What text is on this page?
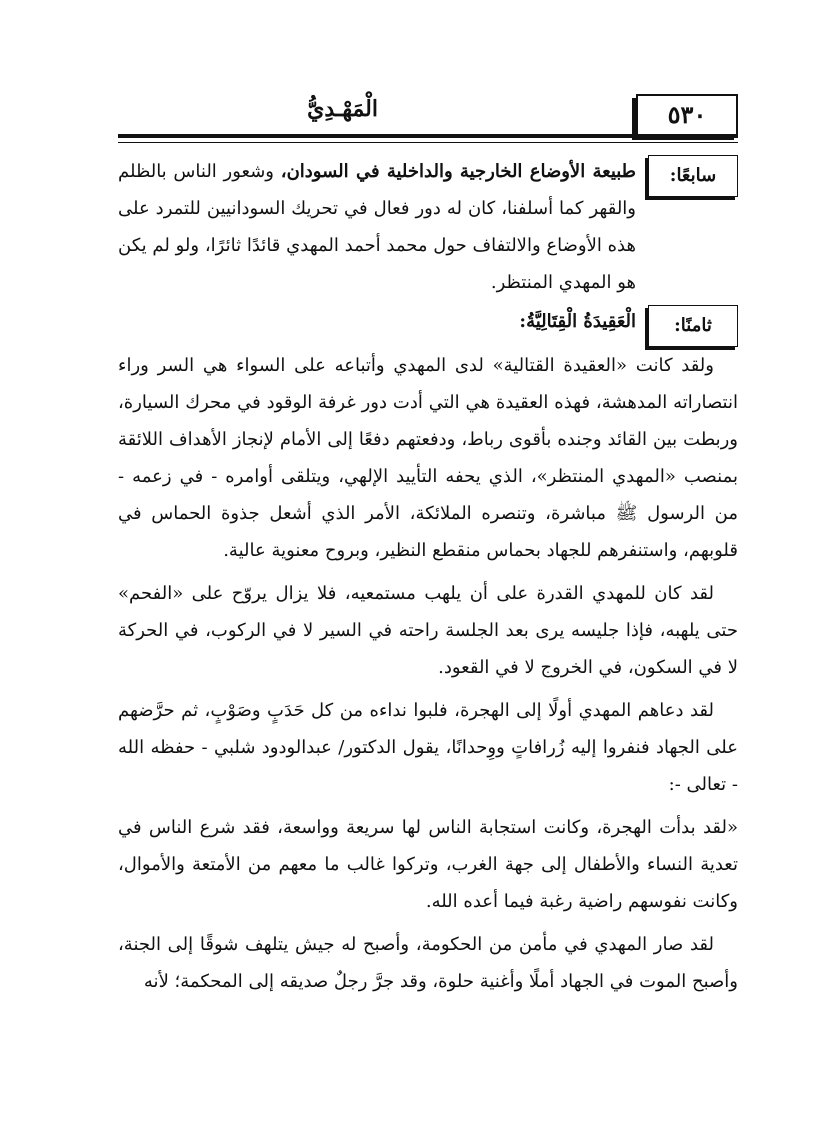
٥٣٠
الْمَهْـدِيُّ
سابعًا:

طبيعة الأوضاع الخارجية والداخلية في السودان، وشعور الناس بالظلم والقهر كما أسلفنا، كان له دور فعال في تحريك السودانيين للتمرد على هذه الأوضاع والالتفاف حول محمد أحمد المهدي قائدًا ثائرًا، ولو لم يكن هو المهدي المنتظر.

ثامنًا:

الْعَقِيدَةُ الْقِتَالِيَّةُ:

ولقد كانت «العقيدة القتالية» لدى المهدي وأتباعه على السواء هي السر وراء انتصاراته المدهشة، فهذه العقيدة هي التي أدت دور غرفة الوقود في محرك السيارة، وربطت بين القائد وجنده بأقوى رباط، ودفعتهم دفعًا إلى الأمام لإنجاز الأهداف اللائقة بمنصب «المهدي المنتظر»، الذي يحفه التأييد الإلهي، ويتلقى أوامره - في زعمه - من الرسول ﷺ مباشرة، وتنصره الملائكة، الأمر الذي أشعل جذوة الحماس في قلوبهم، واستنفرهم للجهاد بحماس منقطع النظير، وبروح معنوية عالية.

لقد كان للمهدي القدرة على أن يلهب مستمعيه، فلا يزال يروّح على «الفحم» حتى يلهبه، فإذا جليسه يرى بعد الجلسة راحته في السير لا في الركوب، في الحركة لا في السكون، في الخروج لا في القعود.

لقد دعاهم المهدي أولًا إلى الهجرة، فلبوا نداءه من كل حَدَبٍ وصَوْبٍ، ثم حرَّضهم على الجهاد فنفروا إليه زُرافاتٍ ووِحدانًا، يقول الدكتور/ عبدالودود شلبي - حفظه الله - تعالى -:

«لقد بدأت الهجرة، وكانت استجابة الناس لها سريعة وواسعة، فقد شرع الناس في تعدية النساء والأطفال إلى جهة الغرب، وتركوا غالب ما معهم من الأمتعة والأموال، وكانت نفوسهم راضية رغبة فيما أعده الله.

لقد صار المهدي في مأمن من الحكومة، وأصبح له جيش يتلهف شوقًا إلى الجنة، وأصبح الموت في الجهاد أملًا وأغنية حلوة، وقد جرَّ رجلٌ صديقه إلى المحكمة؛ لأنه
